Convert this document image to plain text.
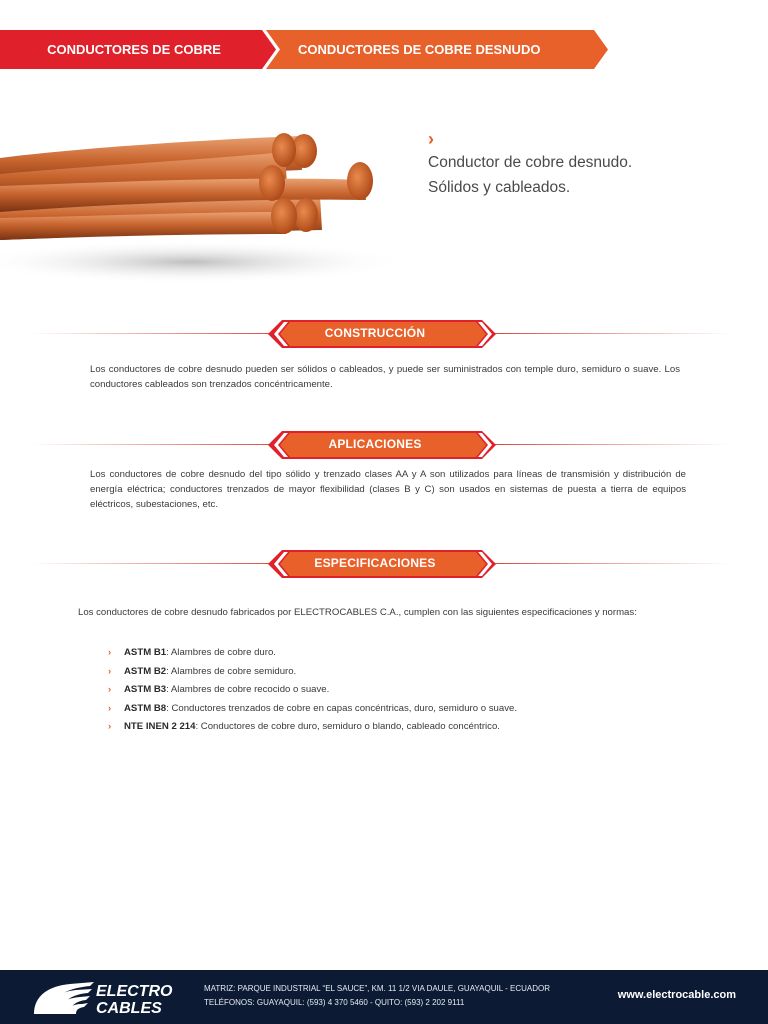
CONDUCTORES DE COBRE	CONDUCTORES DE COBRE DESNUDO
›
Conductor de cobre desnudo.
Sólidos y cableados.
CONSTRUCCIÓN
Los conductores de cobre desnudo pueden ser sólidos o cableados, y puede ser suministrados con temple duro, semiduro o suave. Los conductores cableados son trenzados concéntricamente.
APLICACIONES
Los conductores de cobre desnudo del tipo sólido y trenzado clases AA y A son utilizados para líneas de transmisión y distribución de energía eléctrica; conductores trenzados de mayor flexibilidad (clases B y C) son usados en sistemas de puesta a tierra de equipos eléctricos, subestaciones, etc.
ESPECIFICACIONES
Los conductores de cobre desnudo fabricados por ELECTROCABLES C.A., cumplen con las siguientes especificaciones y normas:
› ASTM B1: Alambres de cobre duro.
› ASTM B2: Alambres de cobre semiduro.
› ASTM B3: Alambres de cobre recocido o suave.
› ASTM B8: Conductores trenzados de cobre en capas concéntricas, duro, semiduro o suave.
› NTE INEN 2 214: Conductores de cobre duro, semiduro o blando, cableado concéntrico.
ELECTRO
CABLES
MATRIZ: PARQUE INDUSTRIAL “EL SAUCE”, KM. 11 1/2 VIA DAULE, GUAYAQUIL - ECUADOR
TELÉFONOS: GUAYAQUIL: (593) 4 370 5460 - QUITO: (593) 2 202 9111
www.electrocable.com
